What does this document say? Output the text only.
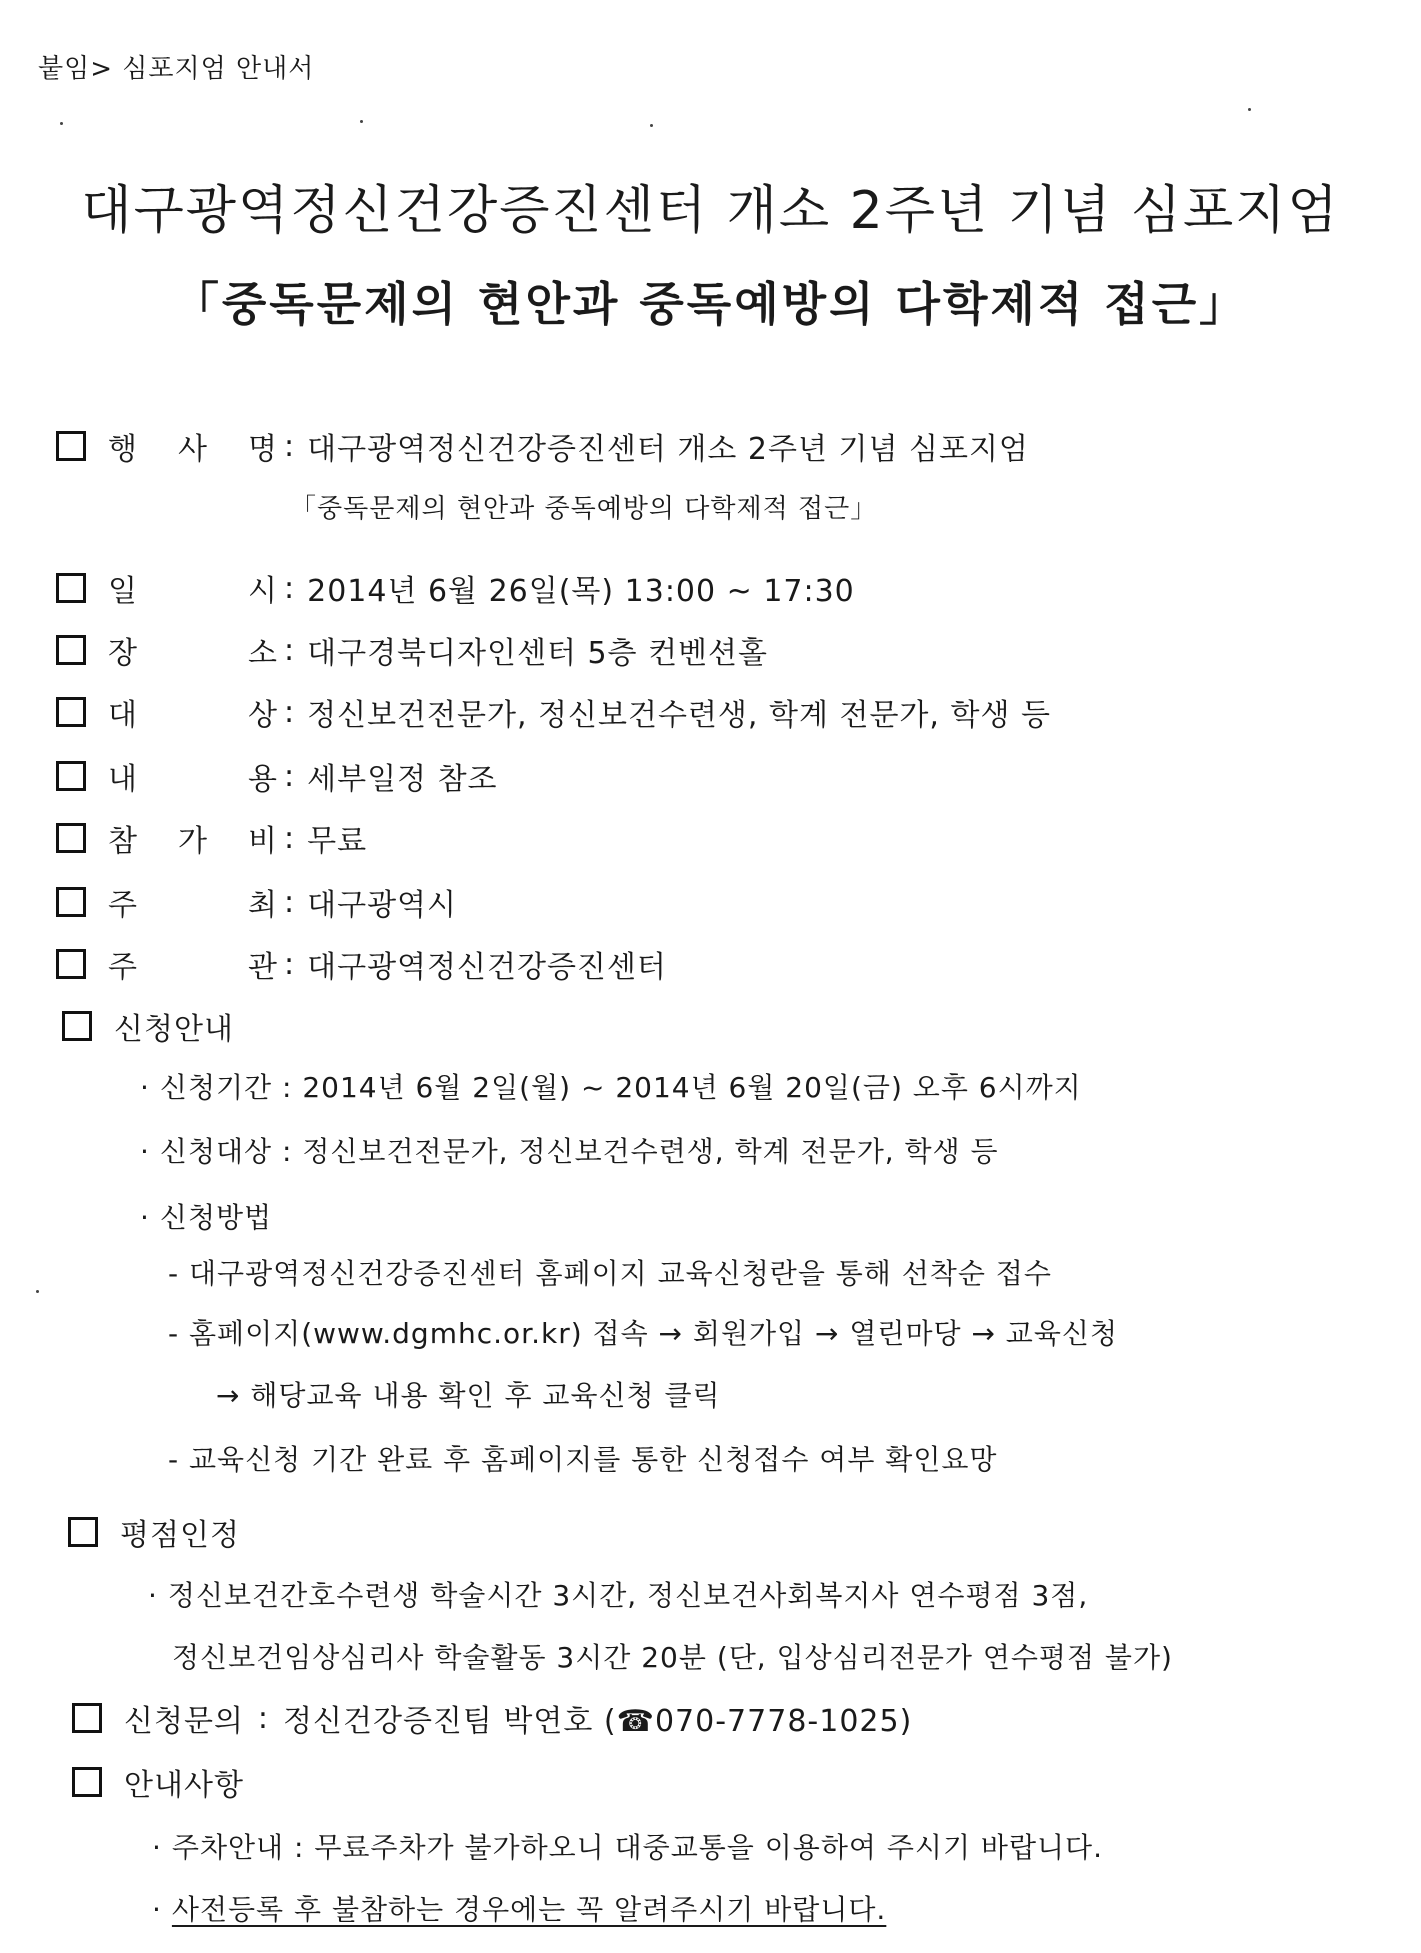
붙임> 심포지엄 안내서
대구광역정신건강증진센터 개소 2주년 기념 심포지엄
「중독문제의 현안과 중독예방의 다학제적 접근」
행 사 명 : 대구광역정신건강증진센터 개소 2주년 기념 심포지엄
「중독문제의 현안과 중독예방의 다학제적 접근」
일	시 : 2014년 6월 26일(목) 13:00 ~ 17:30
장	소 : 대구경북디자인센터 5층 컨벤션홀
대	상 : 정신보건전문가, 정신보건수련생, 학계 전문가, 학생 등
내	용 : 세부일정 참조
참 가 비 : 무료
주	최 : 대구광역시
주	관 : 대구광역정신건강증진센터
신청안내
· 신청기간 : 2014년 6월 2일(월) ~ 2014년 6월 20일(금) 오후 6시까지
· 신청대상 : 정신보건전문가, 정신보건수련생, 학계 전문가, 학생 등
· 신청방법
- 대구광역정신건강증진센터 홈페이지 교육신청란을 통해 선착순 접수
- 홈페이지(www.dgmhc.or.kr) 접속 → 회원가입 → 열린마당 → 교육신청
→ 해당교육 내용 확인 후 교육신청 클릭
- 교육신청 기간 완료 후 홈페이지를 통한 신청접수 여부 확인요망
평점인정
· 정신보건간호수련생 학술시간 3시간, 정신보건사회복지사 연수평점 3점,
정신보건임상심리사 학술활동 3시간 20분 (단, 입상심리전문가 연수평점 불가)
신청문의 : 정신건강증진팀 박연호 (☎070-7778-1025)
안내사항
· 주차안내 : 무료주차가 불가하오니 대중교통을 이용하여 주시기 바랍니다.
· 사전등록 후 불참하는 경우에는 꼭 알려주시기 바랍니다.
